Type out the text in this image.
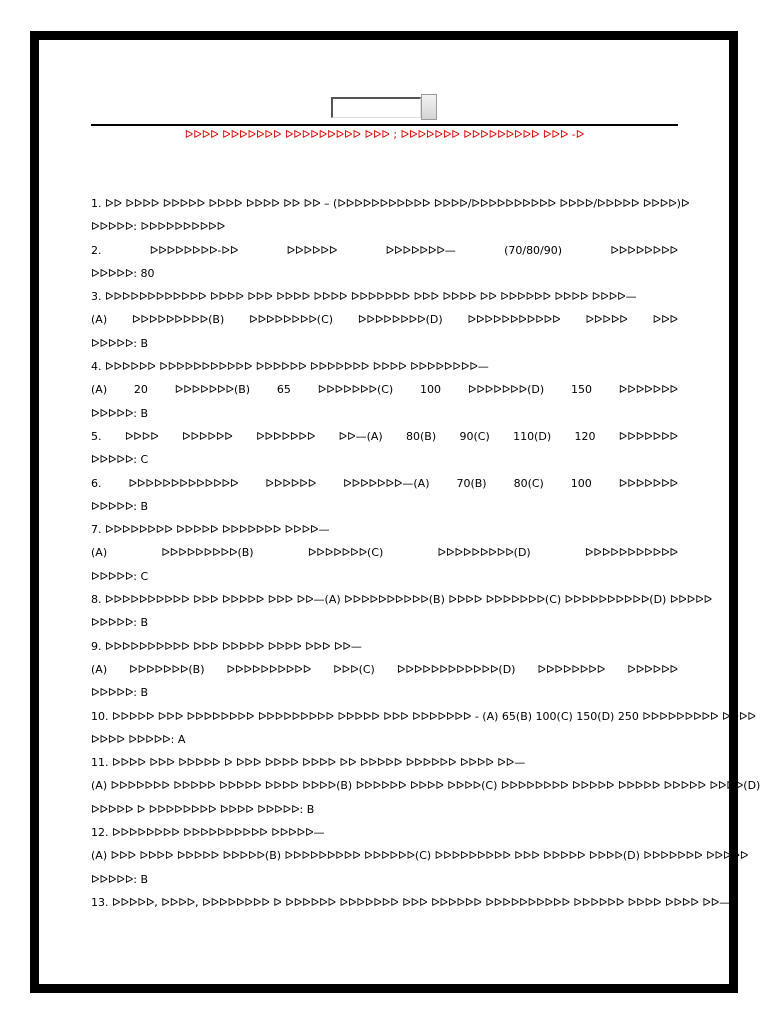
ᐅᐅᐅᐅ ᐅᐅᐅᐅᐅᐅᐅ ᐅᐅᐅᐅᐅᐅᐅᐅᐅ ᐅᐅᐅ ; ᐅᐅᐅᐅᐅᐅᐅ ᐅᐅᐅᐅᐅᐅᐅᐅᐅ ᐅᐅᐅ -ᐅ
1. ᐅᐅ ᐅᐅᐅᐅ ᐅᐅᐅᐅᐅ ᐅᐅᐅᐅ ᐅᐅᐅᐅ ᐅᐅ ᐅᐅ – (ᐅᐅᐅᐅᐅᐅᐅᐅᐅᐅᐅ ᐅᐅᐅᐅ/ᐅᐅᐅᐅᐅᐅᐅᐅᐅᐅ ᐅᐅᐅᐅ/ᐅᐅᐅᐅᐅ ᐅᐅᐅᐅ)ᐅ
ᐅᐅᐅᐅᐅ: ᐅᐅᐅᐅᐅᐅᐅᐅᐅᐅ
2. ᐅᐅᐅᐅᐅᐅᐅᐅ-ᐅᐅ ᐅᐅᐅᐅᐅᐅ ᐅᐅᐅᐅᐅᐅᐅ— (70/80/90) ᐅᐅᐅᐅᐅᐅᐅᐅ
ᐅᐅᐅᐅᐅ: 80
3. ᐅᐅᐅᐅᐅᐅᐅᐅᐅᐅᐅᐅ ᐅᐅᐅᐅ ᐅᐅᐅ ᐅᐅᐅᐅ ᐅᐅᐅᐅ ᐅᐅᐅᐅᐅᐅᐅ ᐅᐅᐅ ᐅᐅᐅᐅ ᐅᐅ ᐅᐅᐅᐅᐅᐅ ᐅᐅᐅᐅ ᐅᐅᐅᐅ—
(A) ᐅᐅᐅᐅᐅᐅᐅᐅᐅ(B) ᐅᐅᐅᐅᐅᐅᐅᐅ(C) ᐅᐅᐅᐅᐅᐅᐅᐅ(D) ᐅᐅᐅᐅᐅᐅᐅᐅᐅᐅᐅ ᐅᐅᐅᐅᐅ ᐅᐅᐅ
ᐅᐅᐅᐅᐅ: B
4. ᐅᐅᐅᐅᐅᐅ ᐅᐅᐅᐅᐅᐅᐅᐅᐅᐅᐅ ᐅᐅᐅᐅᐅᐅ ᐅᐅᐅᐅᐅᐅᐅ ᐅᐅᐅᐅ ᐅᐅᐅᐅᐅᐅᐅᐅ—
(A) 20 ᐅᐅᐅᐅᐅᐅᐅ(B) 65 ᐅᐅᐅᐅᐅᐅᐅ(C) 100 ᐅᐅᐅᐅᐅᐅᐅ(D) 150 ᐅᐅᐅᐅᐅᐅᐅ
ᐅᐅᐅᐅᐅ: B
5. ᐅᐅᐅᐅ ᐅᐅᐅᐅᐅᐅ ᐅᐅᐅᐅᐅᐅᐅ ᐅᐅ—(A) 80(B) 90(C) 110(D) 120 ᐅᐅᐅᐅᐅᐅᐅ
ᐅᐅᐅᐅᐅ: C
6. ᐅᐅᐅᐅᐅᐅᐅᐅᐅᐅᐅᐅᐅ ᐅᐅᐅᐅᐅᐅ ᐅᐅᐅᐅᐅᐅᐅ—(A) 70(B) 80(C) 100 ᐅᐅᐅᐅᐅᐅᐅ
ᐅᐅᐅᐅᐅ: B
7. ᐅᐅᐅᐅᐅᐅᐅᐅ ᐅᐅᐅᐅᐅ ᐅᐅᐅᐅᐅᐅᐅ ᐅᐅᐅᐅ—
(A) ᐅᐅᐅᐅᐅᐅᐅᐅᐅ(B) ᐅᐅᐅᐅᐅᐅᐅ(C) ᐅᐅᐅᐅᐅᐅᐅᐅᐅ(D) ᐅᐅᐅᐅᐅᐅᐅᐅᐅᐅᐅ
ᐅᐅᐅᐅᐅ: C
8. ᐅᐅᐅᐅᐅᐅᐅᐅᐅᐅ ᐅᐅᐅ ᐅᐅᐅᐅᐅ ᐅᐅᐅ ᐅᐅ—(A) ᐅᐅᐅᐅᐅᐅᐅᐅᐅᐅ(B) ᐅᐅᐅᐅ ᐅᐅᐅᐅᐅᐅᐅ(C) ᐅᐅᐅᐅᐅᐅᐅᐅᐅᐅ(D) ᐅᐅᐅᐅᐅ
ᐅᐅᐅᐅᐅ: B
9. ᐅᐅᐅᐅᐅᐅᐅᐅᐅᐅ ᐅᐅᐅ ᐅᐅᐅᐅᐅ ᐅᐅᐅᐅ ᐅᐅᐅ ᐅᐅ—
(A) ᐅᐅᐅᐅᐅᐅᐅ(B) ᐅᐅᐅᐅᐅᐅᐅᐅᐅᐅ ᐅᐅᐅ(C) ᐅᐅᐅᐅᐅᐅᐅᐅᐅᐅᐅᐅ(D) ᐅᐅᐅᐅᐅᐅᐅᐅ ᐅᐅᐅᐅᐅᐅ
ᐅᐅᐅᐅᐅ: B
10. ᐅᐅᐅᐅᐅ ᐅᐅᐅ ᐅᐅᐅᐅᐅᐅᐅᐅ ᐅᐅᐅᐅᐅᐅᐅᐅᐅ ᐅᐅᐅᐅᐅ ᐅᐅᐅ ᐅᐅᐅᐅᐅᐅᐅ - (A) 65(B) 100(C) 150(D) 250 ᐅᐅᐅᐅᐅᐅᐅᐅᐅ ᐅᐅᐅᐅ
ᐅᐅᐅᐅ ᐅᐅᐅᐅᐅ: A
11. ᐅᐅᐅᐅ ᐅᐅᐅ ᐅᐅᐅᐅᐅ ᐅ ᐅᐅᐅ ᐅᐅᐅᐅ ᐅᐅᐅᐅ ᐅᐅ ᐅᐅᐅᐅᐅ ᐅᐅᐅᐅᐅᐅ ᐅᐅᐅᐅ ᐅᐅ—
(A) ᐅᐅᐅᐅᐅᐅᐅ ᐅᐅᐅᐅᐅ ᐅᐅᐅᐅᐅ ᐅᐅᐅᐅ ᐅᐅᐅᐅ(B) ᐅᐅᐅᐅᐅᐅ ᐅᐅᐅᐅ ᐅᐅᐅᐅ(C) ᐅᐅᐅᐅᐅᐅᐅᐅ ᐅᐅᐅᐅᐅ ᐅᐅᐅᐅᐅ ᐅᐅᐅᐅᐅ ᐅᐅᐅᐅ(D)
ᐅᐅᐅᐅᐅ ᐅ ᐅᐅᐅᐅᐅᐅᐅᐅ ᐅᐅᐅᐅ ᐅᐅᐅᐅᐅ: B
12. ᐅᐅᐅᐅᐅᐅᐅᐅ ᐅᐅᐅᐅᐅᐅᐅᐅᐅᐅ ᐅᐅᐅᐅᐅ—
(A) ᐅᐅᐅ ᐅᐅᐅᐅ ᐅᐅᐅᐅᐅ ᐅᐅᐅᐅᐅ(B) ᐅᐅᐅᐅᐅᐅᐅᐅᐅ ᐅᐅᐅᐅᐅᐅ(C) ᐅᐅᐅᐅᐅᐅᐅᐅᐅ ᐅᐅᐅ ᐅᐅᐅᐅᐅ ᐅᐅᐅᐅ(D) ᐅᐅᐅᐅᐅᐅᐅ ᐅᐅᐅᐅᐅ
ᐅᐅᐅᐅᐅ: B
13. ᐅᐅᐅᐅᐅ, ᐅᐅᐅᐅ, ᐅᐅᐅᐅᐅᐅᐅᐅ ᐅ ᐅᐅᐅᐅᐅᐅ ᐅᐅᐅᐅᐅᐅᐅ ᐅᐅᐅ ᐅᐅᐅᐅᐅᐅ ᐅᐅᐅᐅᐅᐅᐅᐅᐅᐅ ᐅᐅᐅᐅᐅᐅ ᐅᐅᐅᐅ ᐅᐅᐅᐅ ᐅᐅ—
